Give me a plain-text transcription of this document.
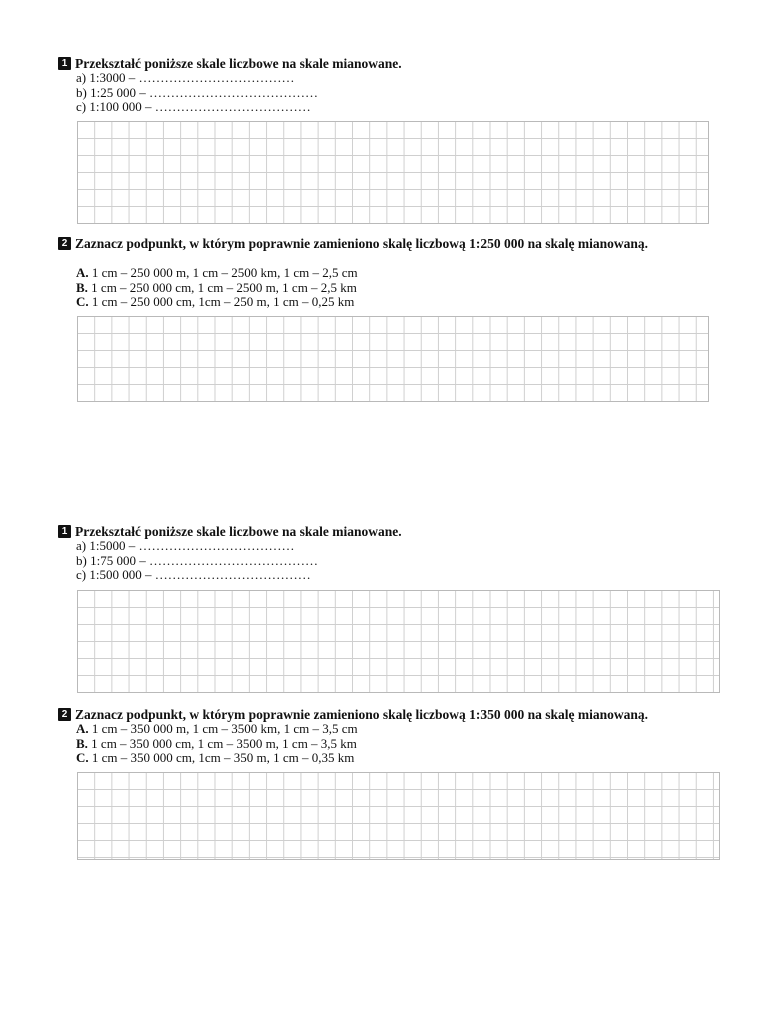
1 Przekształć poniższe skale liczbowe na skale mianowane.
a) 1:3000 – ………………………………
b) 1:25 000 – …………………………………
c) 1:100 000 – ………………………………
2 Zaznacz podpunkt, w którym poprawnie zamieniono skalę liczbową 1:250 000 na skalę mianowaną.
A. 1 cm – 250 000 m, 1 cm – 2500 km, 1 cm – 2,5 cm
B. 1 cm – 250 000 cm, 1 cm – 2500 m, 1 cm – 2,5 km
C. 1 cm – 250 000 cm, 1cm – 250 m, 1 cm – 0,25 km
1 Przekształć poniższe skale liczbowe na skale mianowane.
a) 1:5000 – ………………………………
b) 1:75 000 – …………………………………
c) 1:500 000 – ………………………………
2 Zaznacz podpunkt, w którym poprawnie zamieniono skalę liczbową 1:350 000 na skalę mianowaną.
A. 1 cm – 350 000 m, 1 cm – 3500 km, 1 cm – 3,5 cm
B. 1 cm – 350 000 cm, 1 cm – 3500 m, 1 cm – 3,5 km
C. 1 cm – 350 000 cm, 1cm – 350 m, 1 cm – 0,35 km
